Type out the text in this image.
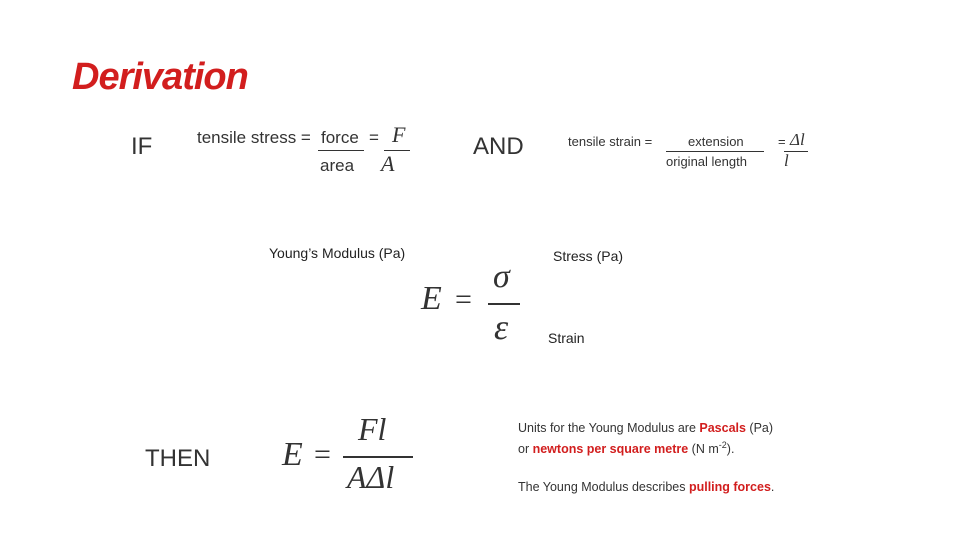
Derivation
IF	AND
THEN
tensile stress = force
area
= F
A
tensile strain =	extension
original length
= Δl
l
Young’s Modulus (Pa)	Stress (Pa)
Strain
E =
σ
ε
E =
Fl
AΔl
Units for the Young Modulus are Pascals (Pa)
or newtons per square metre (N $m^{-2}$).
The Young Modulus describes pulling forces.
